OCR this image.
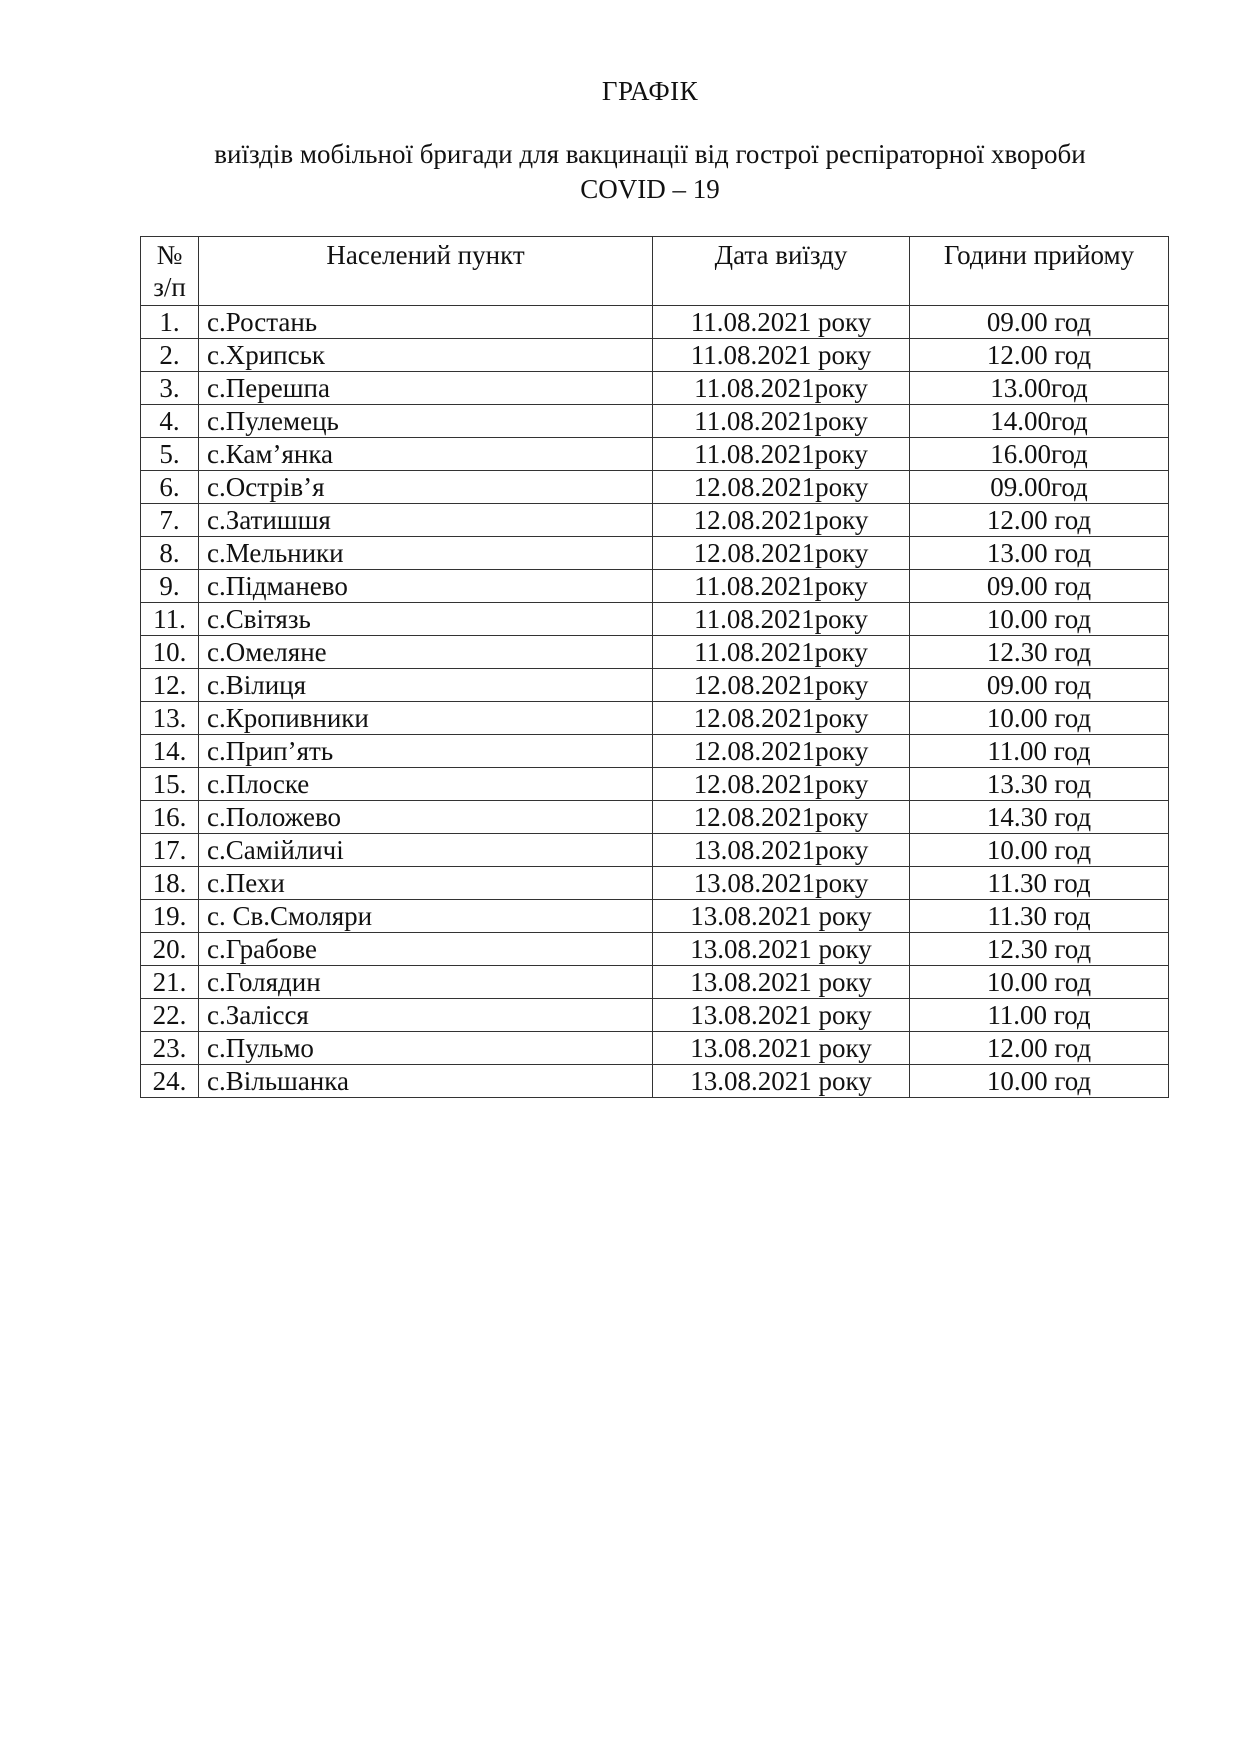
ГРАФІК
виїздів мобільної бригади для вакцинації від гострої респіраторної хвороби
COVID – 19
№
з/п	Населений пункт	Дата виїзду	Години прийому
1.	с.Ростань	11.08.2021 року	09.00 год
2.	с.Хрипськ	11.08.2021 року	12.00 год
3.	с.Перешпа	11.08.2021року	13.00год
4.	с.Пулемець	11.08.2021року	14.00год
5.	с.Кам’янка	11.08.2021року	16.00год
6.	с.Острів’я	12.08.2021року	09.00год
7.	с.Затишшя	12.08.2021року	12.00 год
8.	с.Мельники	12.08.2021року	13.00 год
9.	с.Підманево	11.08.2021року	09.00 год
11.	с.Світязь	11.08.2021року	10.00 год
10.	с.Омеляне	11.08.2021року	12.30 год
12.	с.Вілиця	12.08.2021року	09.00 год
13.	с.Кропивники	12.08.2021року	10.00 год
14.	с.Прип’ять	12.08.2021року	11.00 год
15.	с.Плоске	12.08.2021року	13.30 год
16.	с.Положево	12.08.2021року	14.30 год
17.	с.Самійличі	13.08.2021року	10.00 год
18.	с.Пехи	13.08.2021року	11.30 год
19.	с. Св.Смоляри	13.08.2021 року	11.30 год
20.	с.Грабове	13.08.2021 року	12.30 год
21.	с.Голядин	13.08.2021 року	10.00 год
22.	с.Залісся	13.08.2021 року	11.00 год
23.	с.Пульмо	13.08.2021 року	12.00 год
24.	с.Вільшанка	13.08.2021 року	10.00 год
